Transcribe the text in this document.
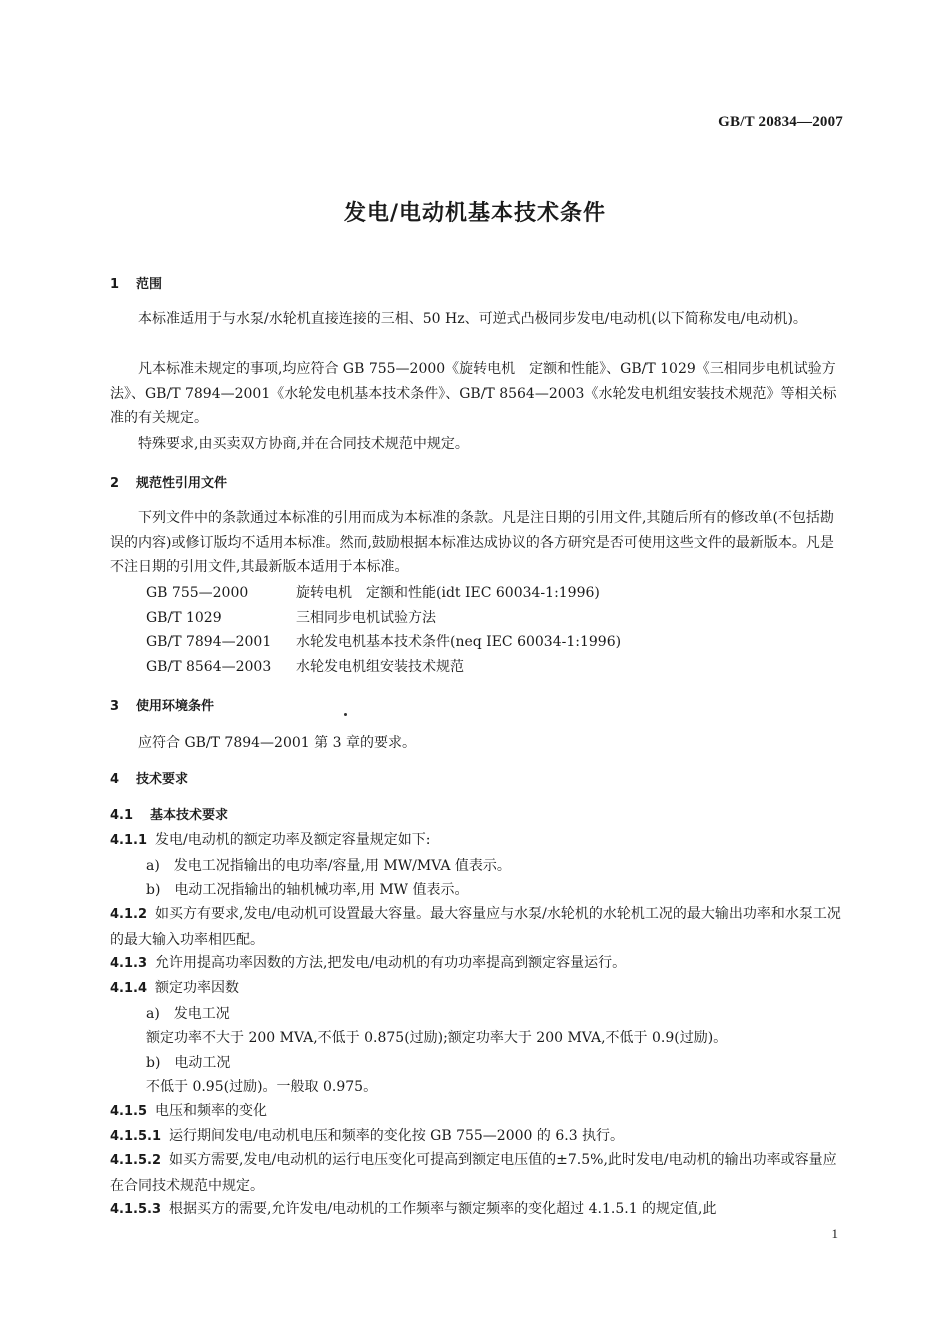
GB/T 20834—2007
发电/电动机基本技术条件
1 范围
本标准适用于与水泵/水轮机直接连接的三相、50 Hz、可逆式凸极同步发电/电动机(以下简称发电/电动机)。
凡本标准未规定的事项,均应符合 GB 755—2000《旋转电机　定额和性能》、GB/T 1029《三相同步电机试验方法》、GB/T 7894—2001《水轮发电机基本技术条件》、GB/T 8564—2003《水轮发电机组安装技术规范》等相关标准的有关规定。
特殊要求,由买卖双方协商,并在合同技术规范中规定。
2 规范性引用文件
下列文件中的条款通过本标准的引用而成为本标准的条款。凡是注日期的引用文件,其随后所有的修改单(不包括勘误的内容)或修订版均不适用本标准。然而,鼓励根据本标准达成协议的各方研究是否可使用这些文件的最新版本。凡是不注日期的引用文件,其最新版本适用于本标准。
GB 755—2000	旋转电机　定额和性能(idt IEC 60034-1:1996)
GB/T 1029	三相同步电机试验方法
GB/T 7894—2001 水轮发电机基本技术条件(neq IEC 60034-1:1996)
GB/T 8564—2003 水轮发电机组安装技术规范
3 使用环境条件
应符合 GB/T 7894—2001 第 3 章的要求。
4 技术要求
4.1 基本技术要求
4.1.1 发电/电动机的额定功率及额定容量规定如下:
a)　发电工况指输出的电功率/容量,用 MW/MVA 值表示。
b)　电动工况指输出的轴机械功率,用 MW 值表示。
4.1.2 如买方有要求,发电/电动机可设置最大容量。最大容量应与水泵/水轮机的水轮机工况的最大输出功率和水泵工况的最大输入功率相匹配。
4.1.3 允许用提高功率因数的方法,把发电/电动机的有功功率提高到额定容量运行。
4.1.4 额定功率因数
a)　发电工况
额定功率不大于 200 MVA,不低于 0.875(过励);额定功率大于 200 MVA,不低于 0.9(过励)。
b)　电动工况
不低于 0.95(过励)。一般取 0.975。
4.1.5 电压和频率的变化
4.1.5.1 运行期间发电/电动机电压和频率的变化按 GB 755—2000 的 6.3 执行。
4.1.5.2 如买方需要,发电/电动机的运行电压变化可提高到额定电压值的±7.5%,此时发电/电动机的输出功率或容量应在合同技术规范中规定。
4.1.5.3 根据买方的需要,允许发电/电动机的工作频率与额定频率的变化超过 4.1.5.1 的规定值,此
1
